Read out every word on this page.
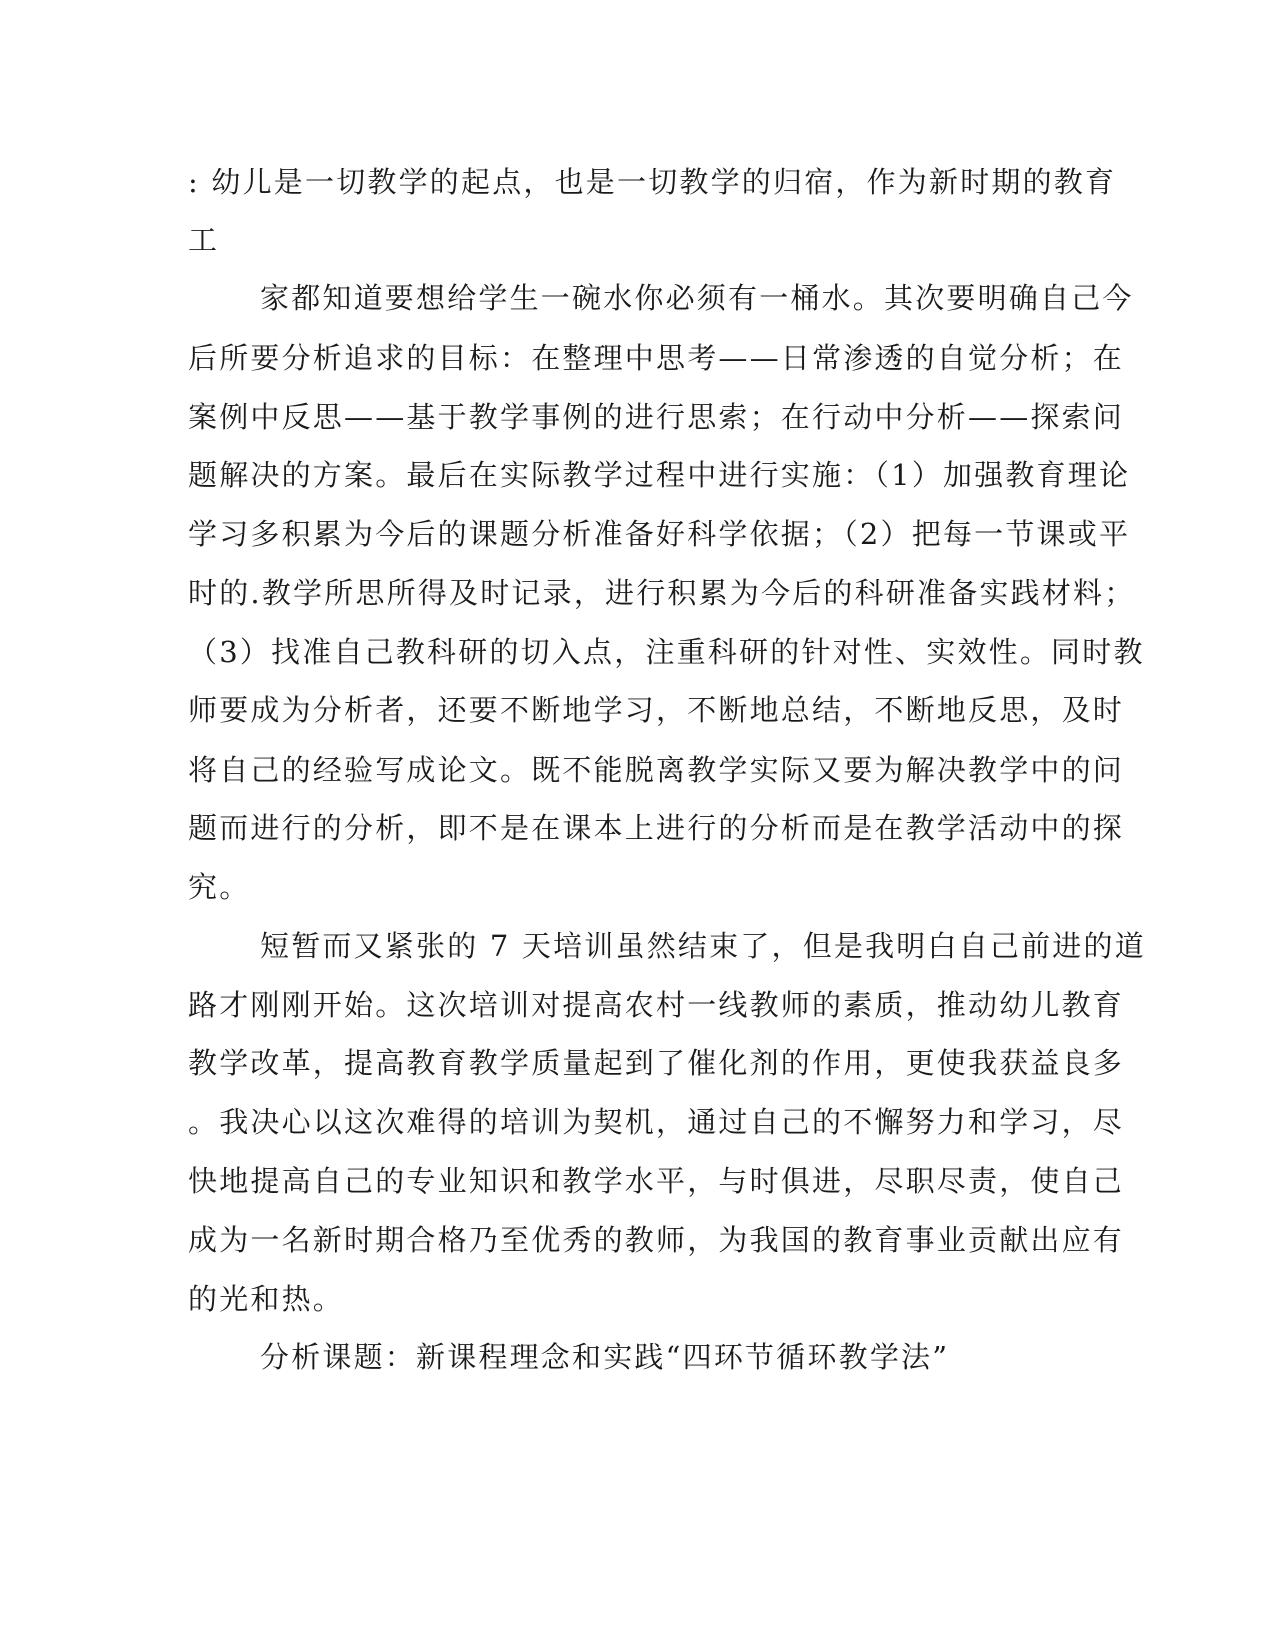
: 幼儿是一切教学的起点，也是一切教学的归宿，作为新时期的教育

工

家都知道要想给学生一碗水你必须有一桶水。其次要明确自己今

后所要分析追求的目标：在整理中思考——日常渗透的自觉分析；在

案例中反思——基于教学事例的进行思索；在行动中分析——探索问

题解决的方案。最后在实际教学过程中进行实施：（1）加强教育理论

学习多积累为今后的课题分析准备好科学依据；（2）把每一节课或平

时的.教学所思所得及时记录，进行积累为今后的科研准备实践材料；

（3）找准自己教科研的切入点，注重科研的针对性、实效性。同时教

师要成为分析者，还要不断地学习，不断地总结，不断地反思，及时

将自己的经验写成论文。既不能脱离教学实际又要为解决教学中的问

题而进行的分析，即不是在课本上进行的分析而是在教学活动中的探

究。

短暂而又紧张的 7 天培训虽然结束了，但是我明白自己前进的道

路才刚刚开始。这次培训对提高农村一线教师的素质，推动幼儿教育

教学改革，提高教育教学质量起到了催化剂的作用，更使我获益良多

。我决心以这次难得的培训为契机，通过自己的不懈努力和学习，尽

快地提高自己的专业知识和教学水平，与时俱进，尽职尽责，使自己

成为一名新时期合格乃至优秀的教师，为我国的教育事业贡献出应有

的光和热。

分析课题：新课程理念和实践“四环节循环教学法”
